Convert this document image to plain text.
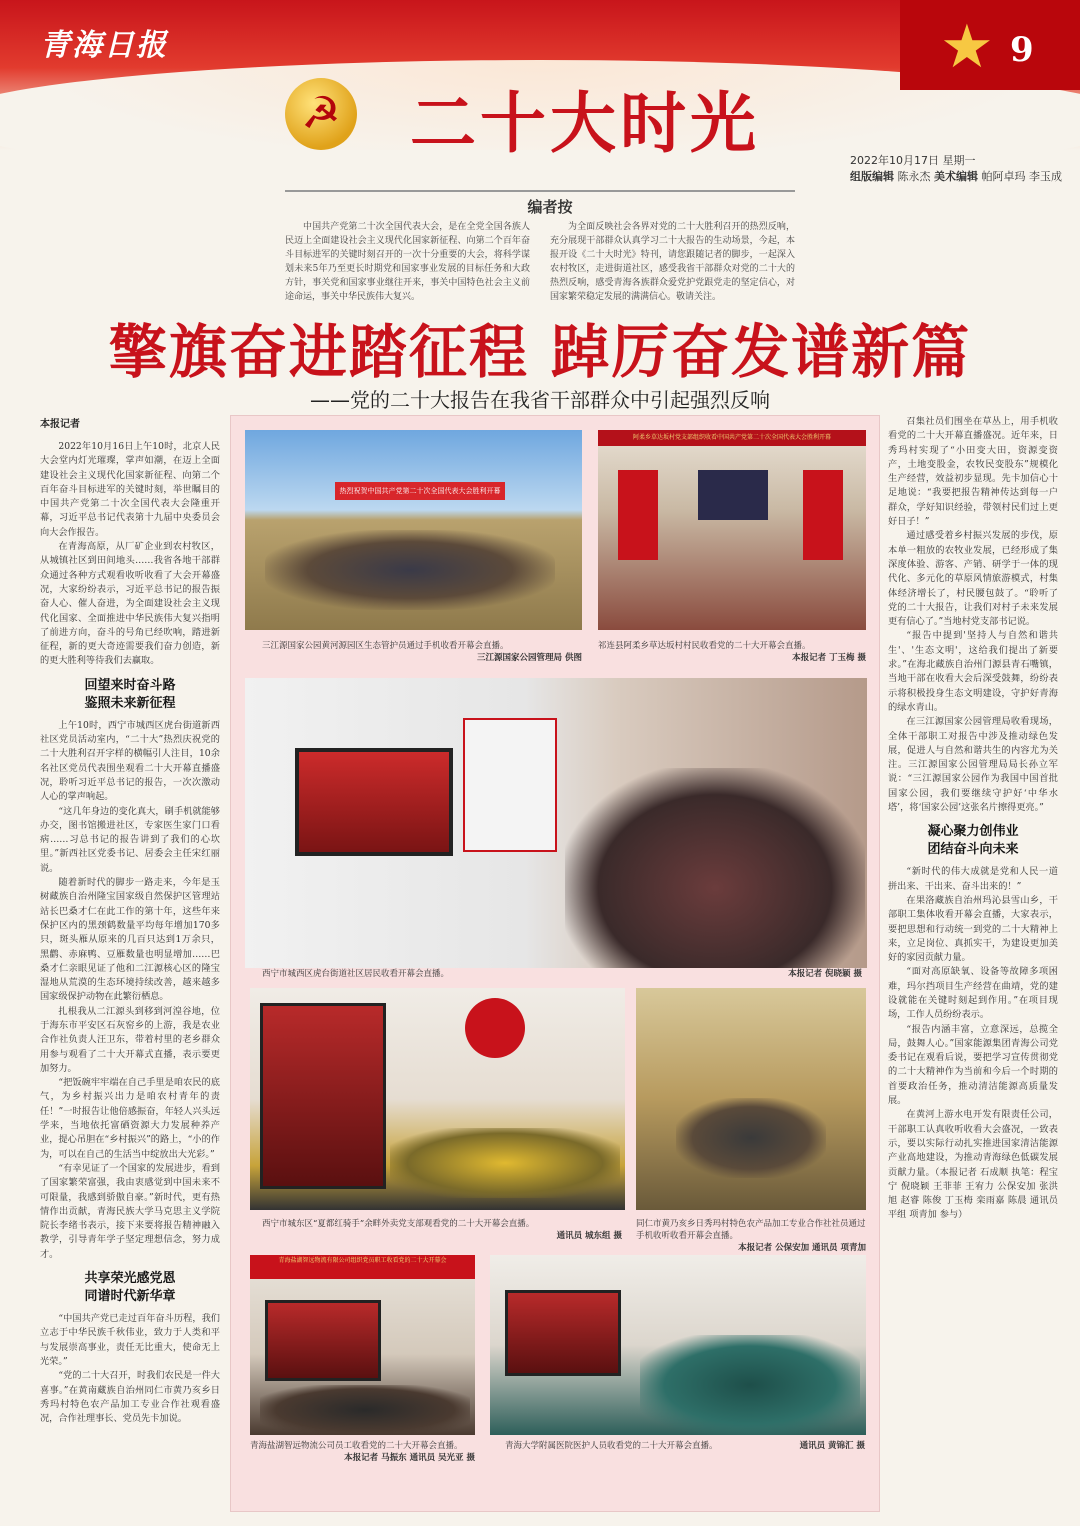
★
青海日报	9
☭ 二十大时光	2022年10月17日 星期一
组版编辑 陈永杰 美术编辑 帕阿卓玛 李玉成
编者按
中国共产党第二十次全国代表大会，是在全党全国各族人民迈上全面建设社会主义现代化国家新征程、向第二个百年奋斗目标进军的关键时刻召开的一次十分重要的大会，将科学谋划未来5年乃至更长时期党和国家事业发展的目标任务和大政方针，事关党和国家事业继往开来，事关中国特色社会主义前途命运，事关中华民族伟大复兴。
为全面反映社会各界对党的二十大胜利召开的热烈反响，充分展现干部群众认真学习二十大报告的生动场景，今起，本报开设《二十大时光》特刊，请您跟随记者的脚步，一起深入农村牧区，走进街道社区，感受我省干部群众对党的二十大的热烈反响，感受青海各族群众爱党护党跟党走的坚定信心，对国家繁荣稳定发展的满满信心。敬请关注。
擎旗奋进踏征程 踔厉奋发谱新篇
——党的二十大报告在我省干部群众中引起强烈反响
本报记者

2022年10月16日上午10时，北京人民大会堂内灯光璀璨，掌声如潮，在迈上全面建设社会主义现代化国家新征程、向第二个百年奋斗目标进军的关键时刻，举世瞩目的中国共产党第二十次全国代表大会隆重开幕，习近平总书记代表第十九届中央委员会向大会作报告。

在青海高原，从厂矿企业到农村牧区，从城镇社区到田间地头……我省各地干部群众通过各种方式观看收听收看了大会开幕盛况，大家纷纷表示，习近平总书记的报告振奋人心、催人奋进，为全面建设社会主义现代化国家、全面推进中华民族伟大复兴指明了前进方向，奋斗的号角已经吹响，踏进新征程，新的更大奇迹需要我们奋力创造，新的更大胜利等待我们去赢取。

回望来时奋斗路
鉴照未来新征程

上午10时，西宁市城西区虎台街道新西社区党员活动室内，“二十大”热烈庆祝党的二十大胜利召开字样的横幅引人注目，10余名社区党员代表围坐观看二十大开幕直播盛况，聆听习近平总书记的报告，一次次激动人心的掌声响起。

“这几年身边的变化真大，刷手机就能够办交，图书馆搬进社区，专家医生家门口看病……习总书记的报告讲到了我们的心坎里。”新西社区党委书记、居委会主任宋红丽说。

随着新时代的脚步一路走来，今年是玉树藏族自治州隆宝国家级自然保护区管理站站长巴桑才仁在此工作的第十年，这些年来保护区内的黑颈鹤数量平均每年增加170多只，斑头雁从原来的几百只达到1万余只，黑鹳、赤麻鸭、豆雁数量也明显增加……巴桑才仁亲眼见证了他和二江源核心区的隆宝湿地从荒漠的生态环境持续改善，越来越多国家级保护动物在此繁衍栖息。

扎根我从二江源头到移到河湟谷地，位于海东市平安区石灰窑乡的上游，我是农业合作社负责人汪卫东，带着村里的老乡群众用参与观看了二十大开幕式直播，表示要更加努力。

“把饭碗牢牢端在自己手里是咱农民的底气，为乡村振兴出力是咱农村青年的责任！”一时报告让他倍感振奋，年轻人兴头远学来，当地依托富硒资源大力发展种养产业，提心吊胆在“乡村振兴”的路上，“小的作为，可以在自己的生活当中绽放出大光彩。”

“有幸见证了一个国家的发展进步，看到了国家繁荣富强，我由衷感觉到中国未来不可限量，我感到骄傲自豪。”新时代，更有热情作出贡献，青海民族大学马克思主义学院院长李绪书表示，接下来要将报告精神融入教学，引导青年学子坚定理想信念，努力成才。

共享荣光感党恩
同谱时代新华章

“中国共产党已走过百年奋斗历程，我们立志于中华民族千秋伟业，致力于人类和平与发展崇高事业，责任无比重大，使命无上光荣。”

“党的二十大召开，时我们农民是一件大喜事。”在黄南藏族自治州同仁市黄乃亥乡日秀玛村特色农产品加工专业合作社观看盛况，合作社理事长、党员先卡加说。

召集社员们围坐在草丛上，用手机收看党的二十大开幕直播盛况。近年来，日秀玛村实现了“小田变大田，资源变资产，土地变股金，农牧民变股东”规模化生产经营，效益初步显现。先卡加信心十足地说：“我要把报告精神传达到每一户群众，学好知识经验，带领村民们过上更好日子！”

通过感受着乡村振兴发展的步伐，原本单一粗放的农牧业发展，已经形成了集深度体验、游客、产销、研学于一体的现代化、多元化的草原风情旅游模式，村集体经济增长了，村民腰包鼓了。“聆听了党的二十大报告，让我们对村子未来发展更有信心了。”当地村党支部书记说。

“报告中提到'坚持人与自然和谐共生'、'生态文明'，这给我们提出了新要求。”在海北藏族自治州门源县青石嘴镇，当地干部在收看大会后深受鼓舞，纷纷表示将积极投身生态文明建设，守护好青海的绿水青山。

在三江源国家公园管理局收看现场，全体干部职工对报告中涉及推动绿色发展，促进人与自然和谐共生的内容尤为关注。三江源国家公园管理局局长孙立军说：“三江源国家公园作为我国中国首批国家公园，我们要继续守护好‘中华水塔’，将‘国家公园’这张名片擦得更亮。”

凝心聚力创伟业
团结奋斗向未来

“新时代的伟大成就是党和人民一道拼出来、干出来、奋斗出来的！”

在果洛藏族自治州玛沁县雪山乡，干部职工集体收看开幕会直播，大家表示，要把思想和行动统一到党的二十大精神上来，立足岗位、真抓实干，为建设更加美好的家园贡献力量。

“面对高原缺氧、设备等故障多项困难，玛尔挡项目生产经营在曲靖，党的建设就能在关键时刻起到作用。”在项目现场，工作人员纷纷表示。

“报告内涵丰富，立意深远，总揽全局，鼓舞人心。”国家能源集团青海公司党委书记在观看后说，要把学习宣传贯彻党的二十大精神作为当前和今后一个时期的首要政治任务，推动清洁能源高质量发展。

在黄河上游水电开发有限责任公司，干部职工认真收听收看大会盛况，一致表示，要以实际行动扎实推进国家清洁能源产业高地建设，为推动青海绿色低碳发展贡献力量。（本报记者 石成顺 执笔：程宝宁 倪晓颖 王菲菲 王宥力 公保安加 张洪旭 赵睿 陈俊 丁玉梅 栾雨嘉 陈晨 通讯员 平组 项青加 参与）

热烈祝贺中国共产党第二十次全国代表大会胜利开幕
三江源国家公园黄河源园区生态管护员通过手机收看开幕会直播。
三江源国家公园管理局 供图
阿柔乡草达坂村党支部组织收看中国共产党第二十次全国代表大会胜利开幕
祁连县阿柔乡草达坂村村民收看党的二十大开幕会直播。
本报记者 丁玉梅 摄
西宁市城西区虎台街道社区居民收看开幕会直播。	本报记者 倪晓颖 摄
西宁市城东区“夏都红骑手”余畔外卖党支部观看党的二十大开幕会直播。
通讯员 城东组 摄
同仁市黄乃亥乡日秀玛村特色农产品加工专业合作社社员通过手机收听收看开幕会直播。
本报记者 公保安加 通讯员 项青加
青海盐湖智远物流有限公司组织党员职工收看党的二十大开幕会
青海盐湖智远物流公司员工收看党的二十大开幕会直播。
本报记者 马振东 通讯员 吴光亚 摄
青海大学附属医院医护人员收看党的二十大开幕会直播。	通讯员 黄锦汇 摄
